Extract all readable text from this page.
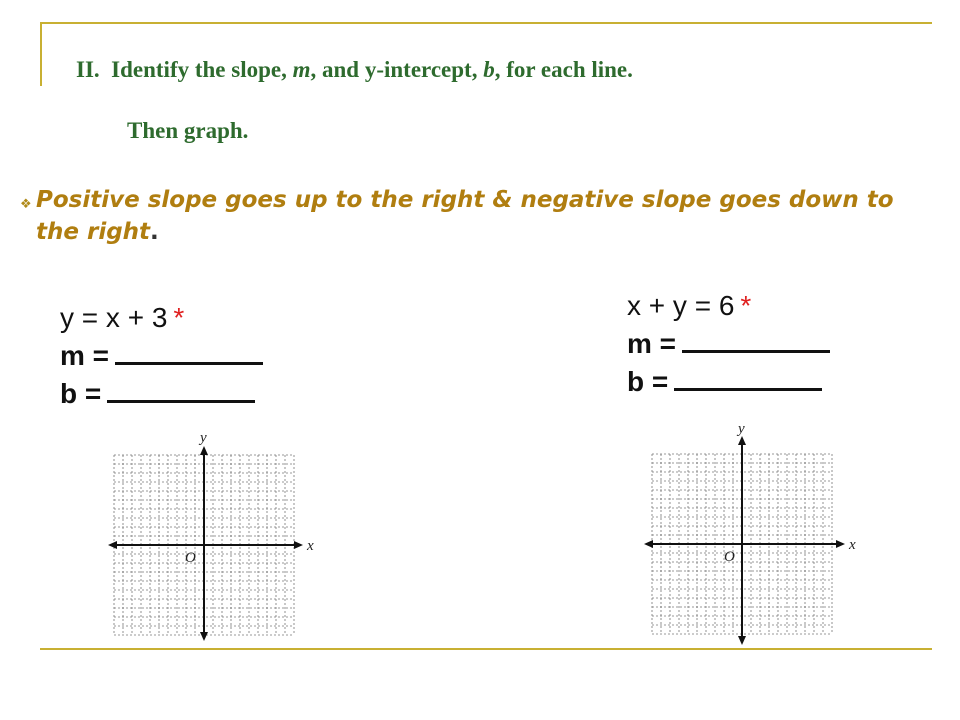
II. Identify the slope, m, and y-intercept, b, for each line.
Then graph.
❖ Positive slope goes up to the right & negative slope goes down to the right.
y = x + 3 *
m =
b =
x + y = 6 *
m =
b =
y
x
O
y
x
O
